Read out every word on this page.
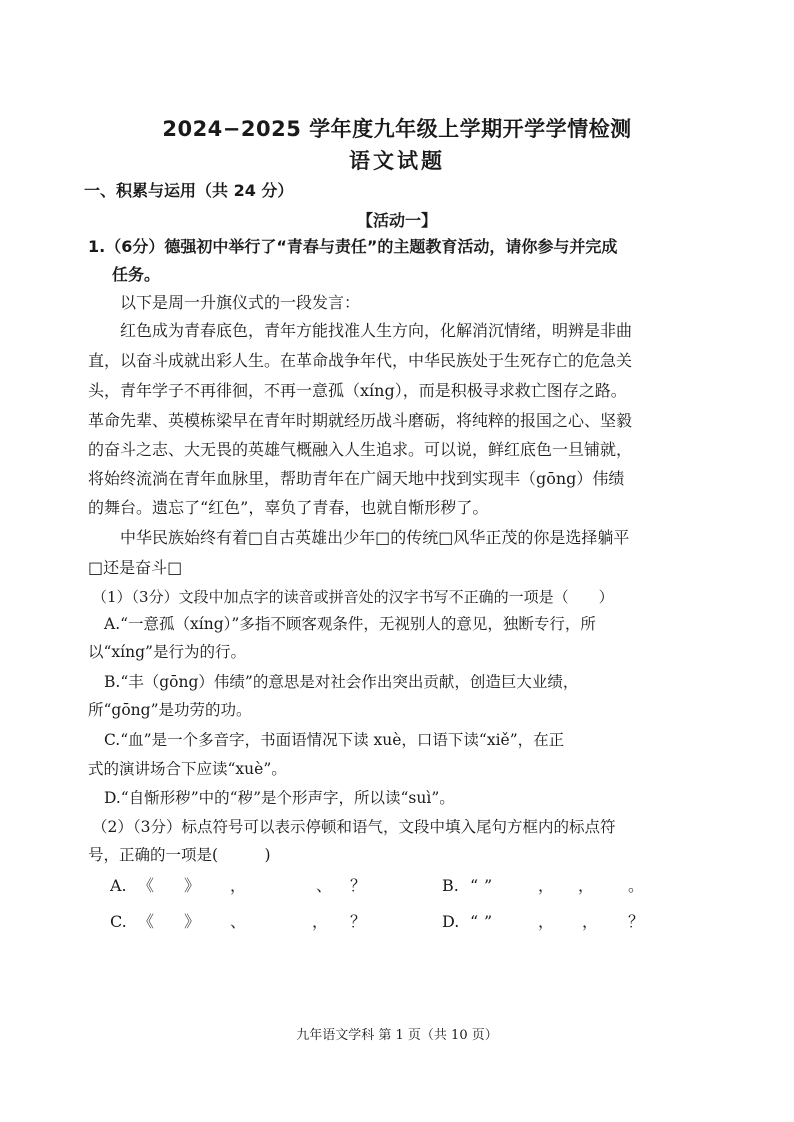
2024−2025 学年度九年级上学期开学学情检测
语文试题
一、积累与运用（共 24 分）
【活动一】
1.（6分）德强初中举行了“青春与责任”的主题教育活动，请你参与并完成
任务。
以下是周一升旗仪式的一段发言：
红色成为青春底色，青年方能找准人生方向，化解消沉情绪，明辨是非曲
直，以奋斗成就出彩人生。在革命战争年代，中华民族处于生死存亡的危急关
头，青年学子不再徘徊，不再一意孤（xíng），而是积极寻求救亡图存之路。
革命先辈、英模栋梁早在青年时期就经历战斗磨砺，将纯粹的报国之心、坚毅
的奋斗之志、大无畏的英雄气概融入人生追求。可以说，鲜红底色一旦铺就，
将始终流淌在青年血脉里，帮助青年在广阔天地中找到实现丰（gōng）伟绩
的舞台。遗忘了“红色”，辜负了青春，也就自惭形秽了。
中华民族始终有着□自古英雄出少年□的传统□风华正茂的你是选择躺平
□还是奋斗□
（1）（3分）文段中加点字的读音或拼音处的汉字书写不正确的一项是（　　）
A.“一意孤（xíng）”多指不顾客观条件，无视别人的意见，独断专行，所
以“xíng”是行为的行。
B.“丰（gōng）伟绩”的意思是对社会作出突出贡献，创造巨大业绩，
所“gōng”是功劳的功。
C.“血”是一个多音字，书面语情况下读 xuè，口语下读“xiě”，在正
式的演讲场合下应读“xuè”。
D.“自惭形秽”中的“秽”是个形声字，所以读“suì”。
（2）（3分）标点符号可以表示停顿和语气，文段中填入尾句方框内的标点符
号，正确的一项是(　　　)
A. 《 》 ，	、 ？	B. “ ”	， ， 。
C. 《 》 、	， ？	D. “ ”	， ， ？
九年语文学科 第 1 页（共 10 页）
